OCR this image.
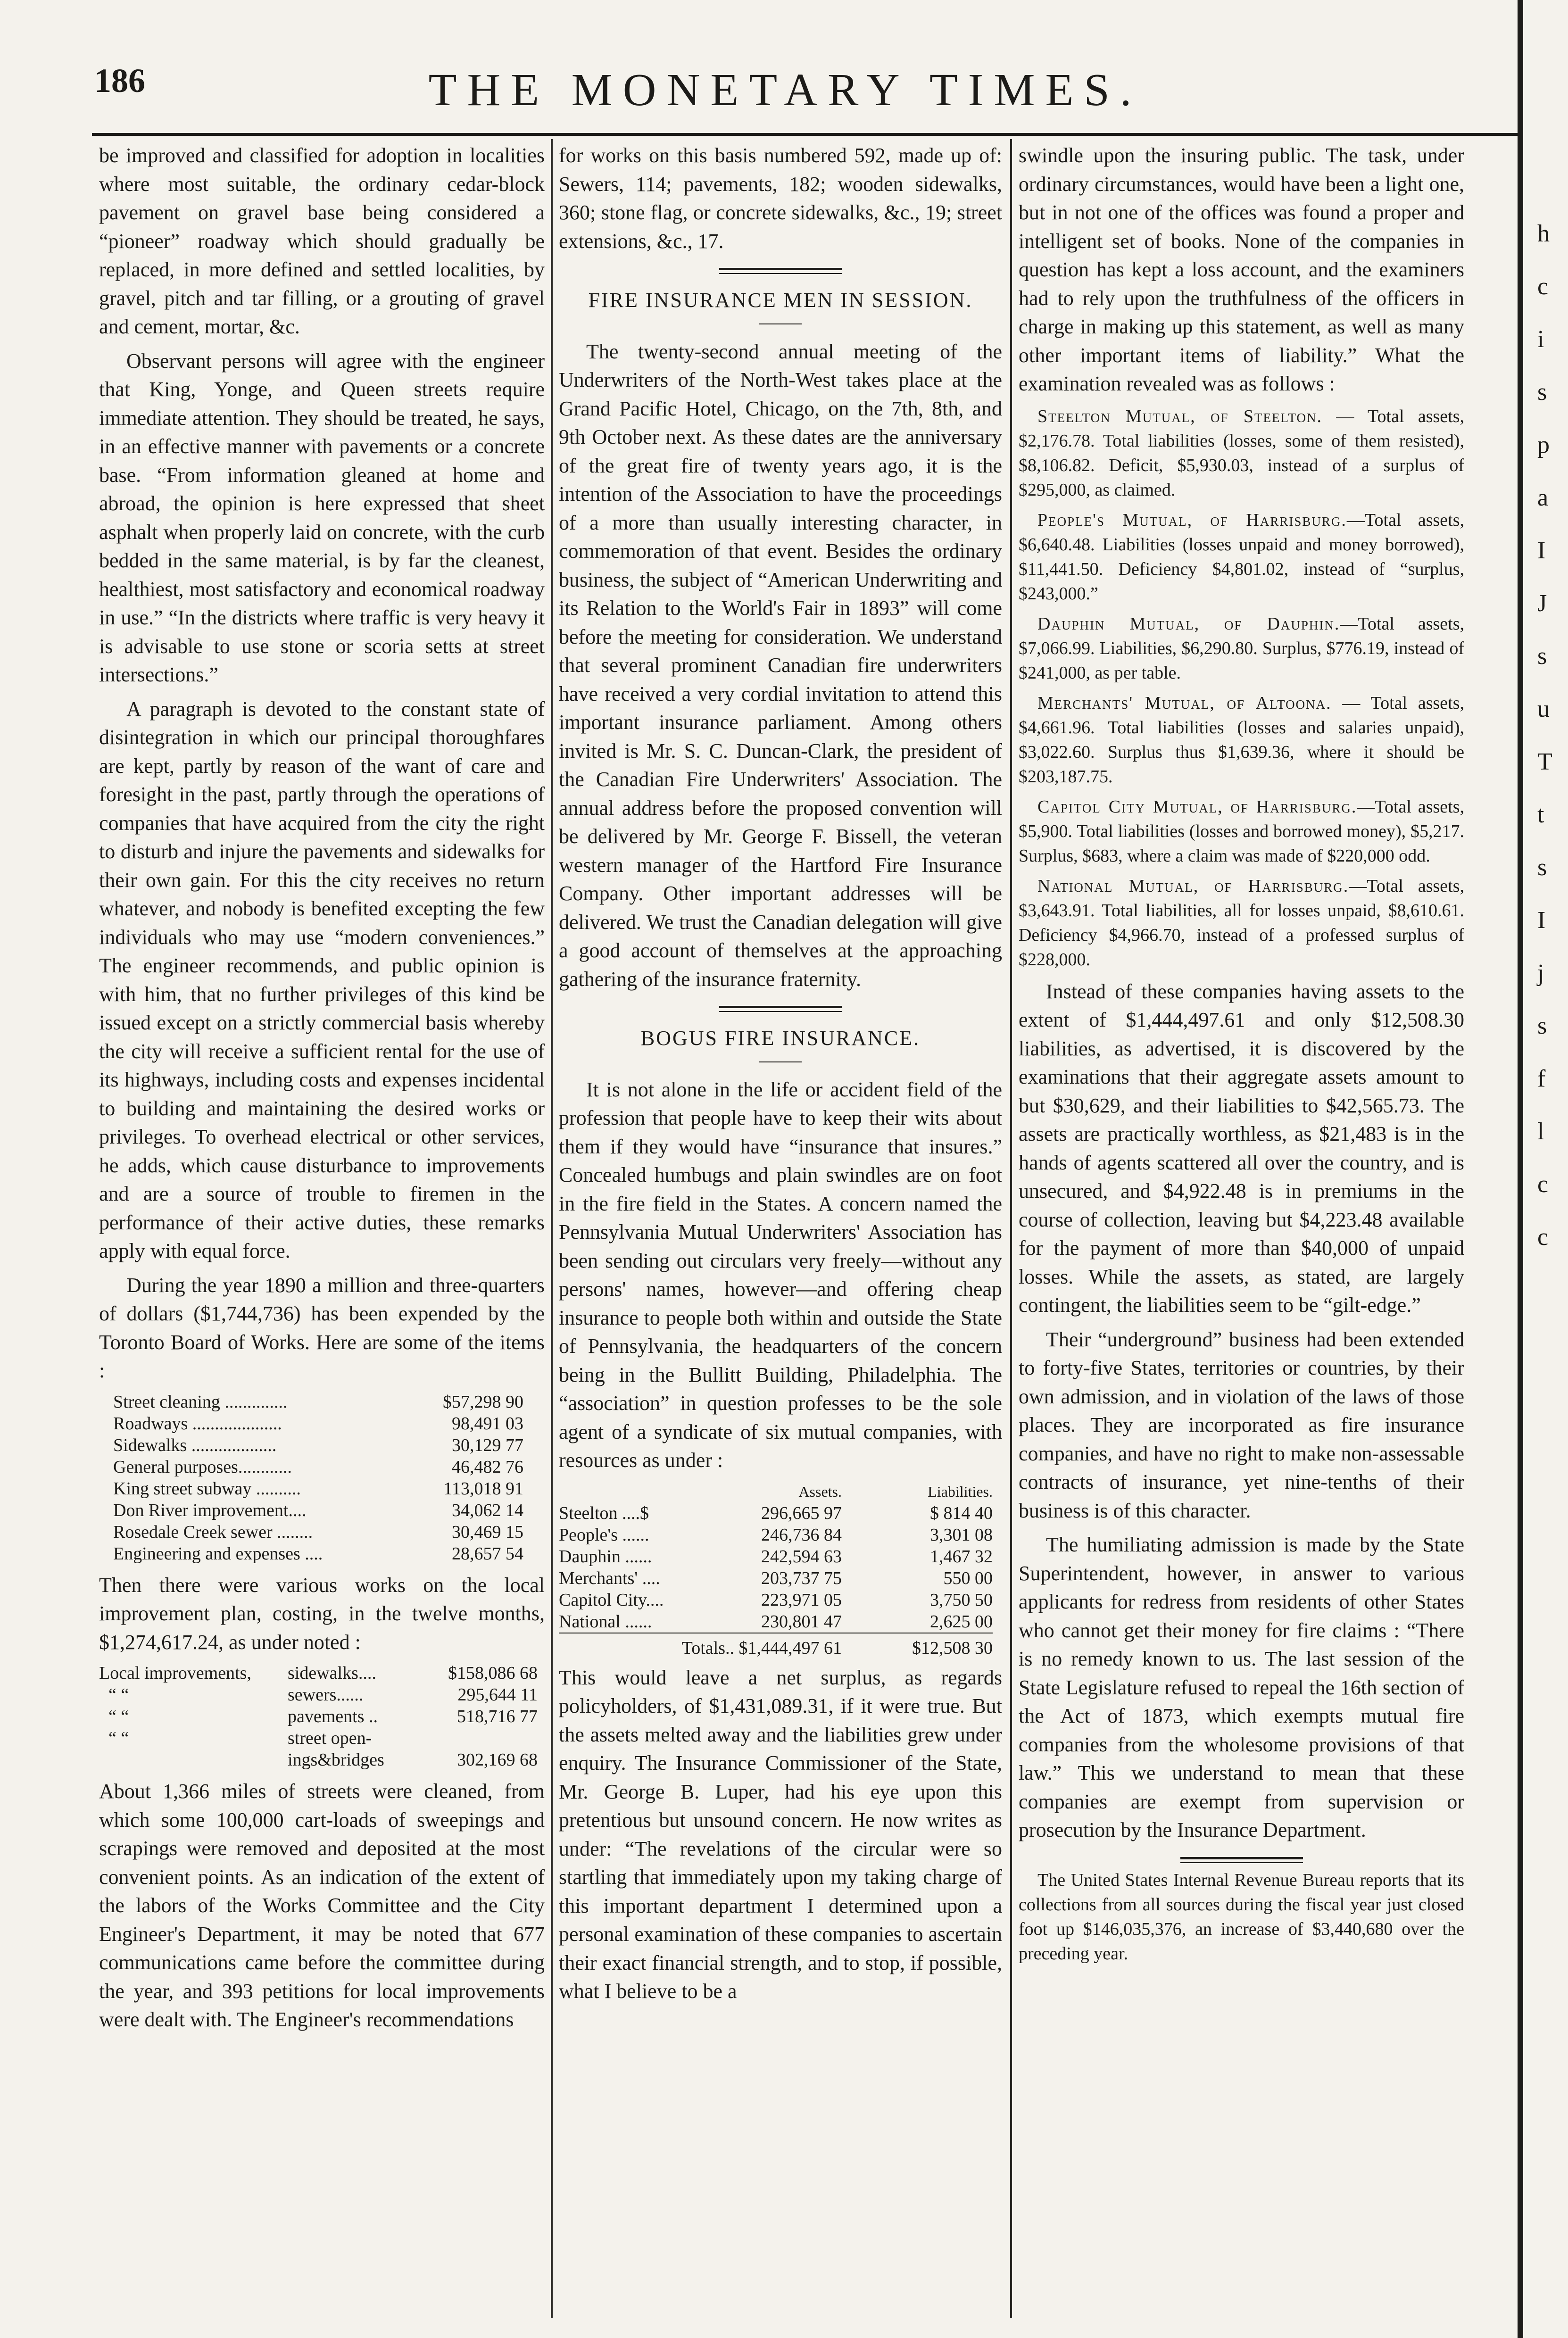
186	THE MONETARY TIMES.
h
c
i
s
p
a
I
J
s
u
T
t
s
I
j
s
f
l
c
c

be improved and classified for adoption in localities where most suitable, the ordinary cedar-block pavement on gravel base being considered a “pioneer” roadway which should gradually be replaced, in more defined and settled localities, by gravel, pitch and tar filling, or a grouting of gravel and cement, mortar, &c.

Observant persons will agree with the engineer that King, Yonge, and Queen streets require immediate attention. They should be treated, he says, in an effective manner with pavements or a concrete base. “From information gleaned at home and abroad, the opinion is here expressed that sheet asphalt when properly laid on concrete, with the curb bedded in the same material, is by far the cleanest, healthiest, most satisfactory and economical roadway in use.” “In the districts where traffic is very heavy it is advisable to use stone or scoria setts at street intersections.”

A paragraph is devoted to the constant state of disintegration in which our principal thoroughfares are kept, partly by reason of the want of care and foresight in the past, partly through the operations of companies that have acquired from the city the right to disturb and injure the pavements and sidewalks for their own gain. For this the city receives no return whatever, and nobody is benefited excepting the few individuals who may use “modern conveniences.” The engineer recommends, and public opinion is with him, that no further privileges of this kind be issued except on a strictly commercial basis whereby the city will receive a sufficient rental for the use of its highways, including costs and expenses incidental to building and maintaining the desired works or privileges. To overhead electrical or other services, he adds, which cause disturbance to improvements and are a source of trouble to firemen in the performance of their active duties, these remarks apply with equal force.

During the year 1890 a million and three-quarters of dollars ($1,744,736) has been expended by the Toronto Board of Works. Here are some of the items :

Street cleaning ..............	$57,298 90
Roadways ....................	98,491 03
Sidewalks ...................	30,129 77
General purposes............	46,482 76
King street subway ..........	113,018 91
Don River improvement....	34,062 14
Rosedale Creek sewer ........	30,469 15
Engineering and expenses ....	28,657 54

Then there were various works on the local improvement plan, costing, in the twelve months, $1,274,617.24, as under noted :

Local improvements,	sidewalks....	$158,086 68
“ “	sewers......	295,644 11
“ “	pavements ..	518,716 77
“ “	street open-	
	ings&bridges	302,169 68

About 1,366 miles of streets were cleaned, from which some 100,000 cart-loads of sweepings and scrapings were removed and deposited at the most convenient points. As an indication of the extent of the labors of the Works Committee and the City Engineer's Department, it may be noted that 677 communications came before the committee during the year, and 393 petitions for local improvements were dealt with. The Engineer's recommendations

for works on this basis numbered 592, made up of: Sewers, 114; pavements, 182; wooden sidewalks, 360; stone flag, or concrete sidewalks, &c., 19; street extensions, &c., 17.

FIRE INSURANCE MEN IN SESSION.

The twenty-second annual meeting of the Underwriters of the North-West takes place at the Grand Pacific Hotel, Chicago, on the 7th, 8th, and 9th October next. As these dates are the anniversary of the great fire of twenty years ago, it is the intention of the Association to have the proceedings of a more than usually interesting character, in commemoration of that event. Besides the ordinary business, the subject of “American Underwriting and its Relation to the World's Fair in 1893” will come before the meeting for consideration. We understand that several prominent Canadian fire underwriters have received a very cordial invitation to attend this important insurance parliament. Among others invited is Mr. S. C. Duncan-Clark, the president of the Canadian Fire Underwriters' Association. The annual address before the proposed convention will be delivered by Mr. George F. Bissell, the veteran western manager of the Hartford Fire Insurance Company. Other important addresses will be delivered. We trust the Canadian delegation will give a good account of themselves at the approaching gathering of the insurance fraternity.

BOGUS FIRE INSURANCE.

It is not alone in the life or accident field of the profession that people have to keep their wits about them if they would have “insurance that insures.” Concealed humbugs and plain swindles are on foot in the fire field in the States. A concern named the Pennsylvania Mutual Underwriters' Association has been sending out circulars very freely—without any persons' names, however—and offering cheap insurance to people both within and outside the State of Pennsylvania, the headquarters of the concern being in the Bullitt Building, Philadelphia. The “association” in question professes to be the sole agent of a syndicate of six mutual companies, with resources as under :

	Assets.	Liabilities.
Steelton ....$	296,665 97	$ 814 40
People's ......	246,736 84	3,301 08
Dauphin ......	242,594 63	1,467 32
Merchants' ....	203,737 75	550 00
Capitol City....	223,971 05	3,750 50
National ......	230,801 47	2,625 00
Totals.. $1,444,497 61		$12,508 30

This would leave a net surplus, as regards policyholders, of $1,431,089.31, if it were true. But the assets melted away and the liabilities grew under enquiry. The Insurance Commissioner of the State, Mr. George B. Luper, had his eye upon this pretentious but unsound concern. He now writes as under: “The revelations of the circular were so startling that immediately upon my taking charge of this important department I determined upon a personal examination of these companies to ascertain their exact financial strength, and to stop, if possible, what I believe to be a

swindle upon the insuring public. The task, under ordinary circumstances, would have been a light one, but in not one of the offices was found a proper and intelligent set of books. None of the companies in question has kept a loss account, and the examiners had to rely upon the truthfulness of the officers in charge in making up this statement, as well as many other important items of liability.” What the examination revealed was as follows :

Steelton Mutual, of Steelton. — Total assets, $2,176.78. Total liabilities (losses, some of them resisted), $8,106.82. Deficit, $5,930.03, instead of a surplus of $295,000, as claimed.

People's Mutual, of Harrisburg.—Total assets, $6,640.48. Liabilities (losses unpaid and money borrowed), $11,441.50. Deficiency $4,801.02, instead of “surplus, $243,000.”

Dauphin Mutual, of Dauphin.—Total assets, $7,066.99. Liabilities, $6,290.80. Surplus, $776.19, instead of $241,000, as per table.

Merchants' Mutual, of Altoona. — Total assets, $4,661.96. Total liabilities (losses and salaries unpaid), $3,022.60. Surplus thus $1,639.36, where it should be $203,187.75.

Capitol City Mutual, of Harrisburg.—Total assets, $5,900. Total liabilities (losses and borrowed money), $5,217. Surplus, $683, where a claim was made of $220,000 odd.

National Mutual, of Harrisburg.—Total assets, $3,643.91. Total liabilities, all for losses unpaid, $8,610.61. Deficiency $4,966.70, instead of a professed surplus of $228,000.

Instead of these companies having assets to the extent of $1,444,497.61 and only $12,508.30 liabilities, as advertised, it is discovered by the examinations that their aggregate assets amount to but $30,629, and their liabilities to $42,565.73. The assets are practically worthless, as $21,483 is in the hands of agents scattered all over the country, and is unsecured, and $4,922.48 is in premiums in the course of collection, leaving but $4,223.48 available for the payment of more than $40,000 of unpaid losses. While the assets, as stated, are largely contingent, the liabilities seem to be “gilt-edge.”

Their “underground” business had been extended to forty-five States, territories or countries, by their own admission, and in violation of the laws of those places. They are incorporated as fire insurance companies, and have no right to make non-assessable contracts of insurance, yet nine-tenths of their business is of this character.

The humiliating admission is made by the State Superintendent, however, in answer to various applicants for redress from residents of other States who cannot get their money for fire claims : “There is no remedy known to us. The last session of the State Legislature refused to repeal the 16th section of the Act of 1873, which exempts mutual fire companies from the wholesome provisions of that law.” This we understand to mean that these companies are exempt from supervision or prosecution by the Insurance Department.

The United States Internal Revenue Bureau reports that its collections from all sources during the fiscal year just closed foot up $146,035,376, an increase of $3,440,680 over the preceding year.
